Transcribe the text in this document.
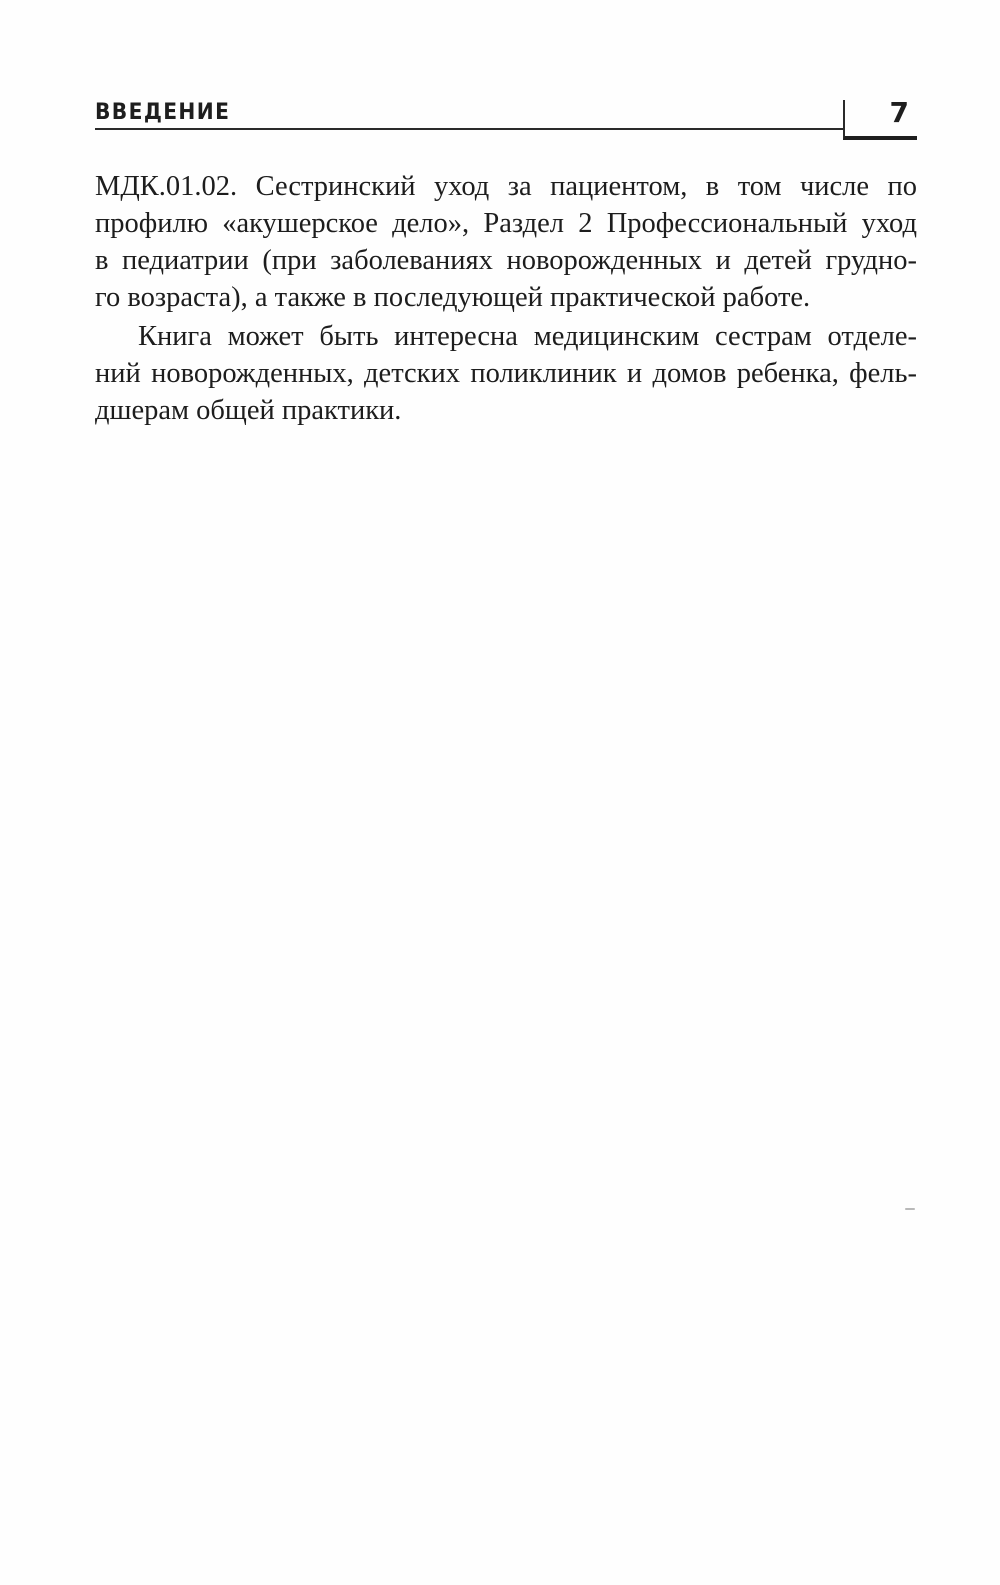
ВВЕДЕНИЕ	7
МДК.01.02. Сестринский уход за пациентом, в том числе по
профилю «акушерское дело», Раздел 2 Профессиональный уход
в педиатрии (при заболеваниях новорожденных и детей грудно-
го возраста), а также в последующей практической работе.
Книга может быть интересна медицинским сестрам отделе-
ний новорожденных, детских поликлиник и домов ребенка, фель-
дшерам общей практики.
